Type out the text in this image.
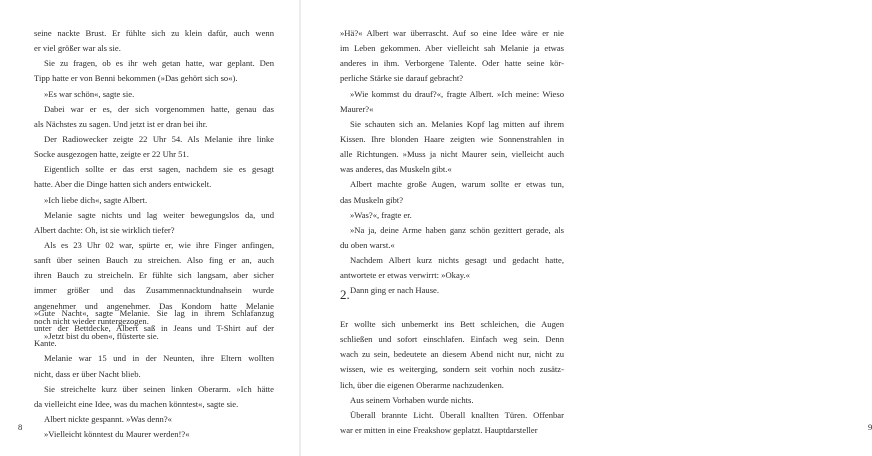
seine nackte Brust. Er fühlte sich zu klein dafür, auch wenn
er viel größer war als sie.
Sie zu fragen, ob es ihr weh getan hatte, war geplant. Den
Tipp hatte er von Benni bekommen (»Das gehört sich so«).
»Es war schön«, sagte sie.
Dabei war er es, der sich vorgenommen hatte, genau das
als Nächstes zu sagen. Und jetzt ist er dran bei ihr.
Der Radiowecker zeigte 22 Uhr 54. Als Melanie ihre linke
Socke ausgezogen hatte, zeigte er 22 Uhr 51.
Eigentlich sollte er das erst sagen, nachdem sie es gesagt
hatte. Aber die Dinge hatten sich anders entwickelt.
»Ich liebe dich«, sagte Albert.
Melanie sagte nichts und lag weiter bewegungslos da, und
Albert dachte: Oh, ist sie wirklich tiefer?
Als es 23 Uhr 02 war, spürte er, wie ihre Finger anfingen,
sanft über seinen Bauch zu streichen. Also fing er an, auch
ihren Bauch zu streicheln. Er fühlte sich langsam, aber sicher
immer größer und das Zusammennacktundnahsein wurde
angenehmer und angenehmer. Das Kondom hatte Melanie
noch nicht wieder runtergezogen.
»Jetzt bist du oben«, flüsterte sie.
»Gute Nacht«, sagte Melanie. Sie lag in ihrem Schlafanzug
unter der Bettdecke, Albert saß in Jeans und T-Shirt auf der
Kante.
Melanie war 15 und in der Neunten, ihre Eltern wollten
nicht, dass er über Nacht blieb.
Sie streichelte kurz über seinen linken Oberarm. »Ich hätte
da vielleicht eine Idee, was du machen könntest«, sagte sie.
Albert nickte gespannt. »Was denn?«
»Vielleicht könntest du Maurer werden!?«
8
»Hä?« Albert war überrascht. Auf so eine Idee wäre er nie
im Leben gekommen. Aber vielleicht sah Melanie ja etwas
anderes in ihm. Verborgene Talente. Oder hatte seine kör-
perliche Stärke sie darauf gebracht?
»Wie kommst du drauf?«, fragte Albert. »Ich meine: Wieso
Maurer?«
Sie schauten sich an. Melanies Kopf lag mitten auf ihrem
Kissen. Ihre blonden Haare zeigten wie Sonnenstrahlen in
alle Richtungen. »Muss ja nicht Maurer sein, vielleicht auch
was anderes, das Muskeln gibt.«
Albert machte große Augen, warum sollte er etwas tun,
das Muskeln gibt?
»Was?«, fragte er.
»Na ja, deine Arme haben ganz schön gezittert gerade, als
du oben warst.«
Nachdem Albert kurz nichts gesagt und gedacht hatte,
antwortete er etwas verwirrt: »Okay.«
Dann ging er nach Hause.
2.
Er wollte sich unbemerkt ins Bett schleichen, die Augen
schließen und sofort einschlafen. Einfach weg sein. Denn
wach zu sein, bedeutete an diesem Abend nicht nur, nicht zu
wissen, wie es weiterging, sondern seit vorhin noch zusätz-
lich, über die eigenen Oberarme nachzudenken.
Aus seinem Vorhaben wurde nichts.
Überall brannte Licht. Überall knallten Türen. Offenbar
war er mitten in eine Freakshow geplatzt. Hauptdarsteller	9
